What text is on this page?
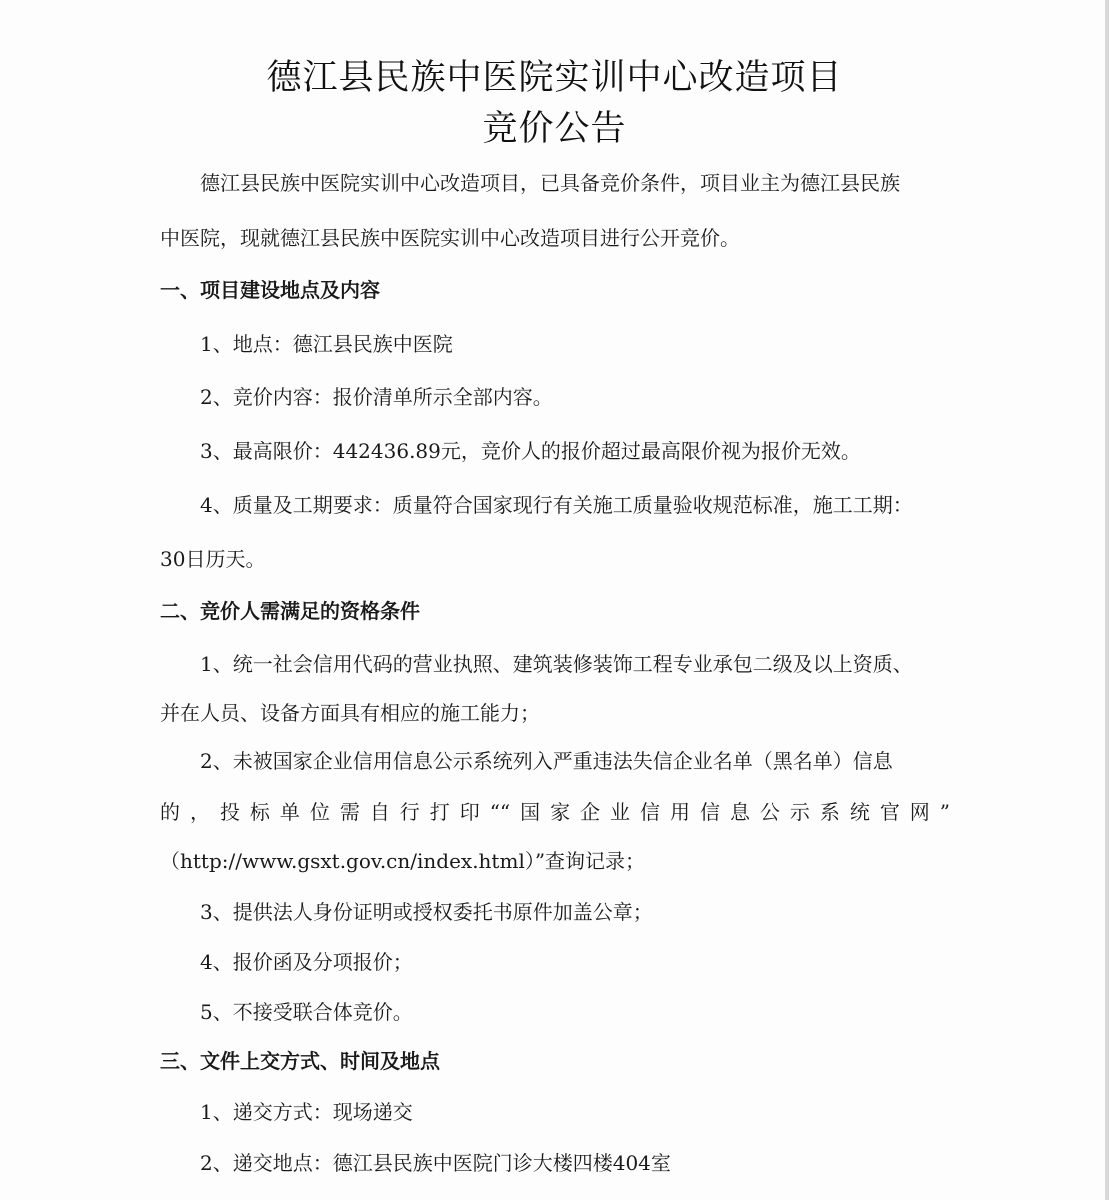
德江县民族中医院实训中心改造项目
竞价公告
德江县民族中医院实训中心改造项目，已具备竞价条件，项目业主为德江县民族
中医院，现就德江县民族中医院实训中心改造项目进行公开竞价。
一、项目建设地点及内容
1、地点：德江县民族中医院
2、竞价内容：报价清单所示全部内容。
3、最高限价：442436.89元，竞价人的报价超过最高限价视为报价无效。
4、质量及工期要求：质量符合国家现行有关施工质量验收规范标准，施工工期：
30日历天。
二、竞价人需满足的资格条件
1、统一社会信用代码的营业执照、建筑装修装饰工程专业承包二级及以上资质、
并在人员、设备方面具有相应的施工能力；
2、未被国家企业信用信息公示系统列入严重违法失信企业名单（黑名单）信息
的，投标单位需自行打印““国家企业信用信息公示系统官网”
（http://www.gsxt.gov.cn/index.html）”查询记录；
3、提供法人身份证明或授权委托书原件加盖公章；
4、报价函及分项报价；
5、不接受联合体竞价。
三、文件上交方式、时间及地点
1、递交方式：现场递交
2、递交地点：德江县民族中医院门诊大楼四楼404室
